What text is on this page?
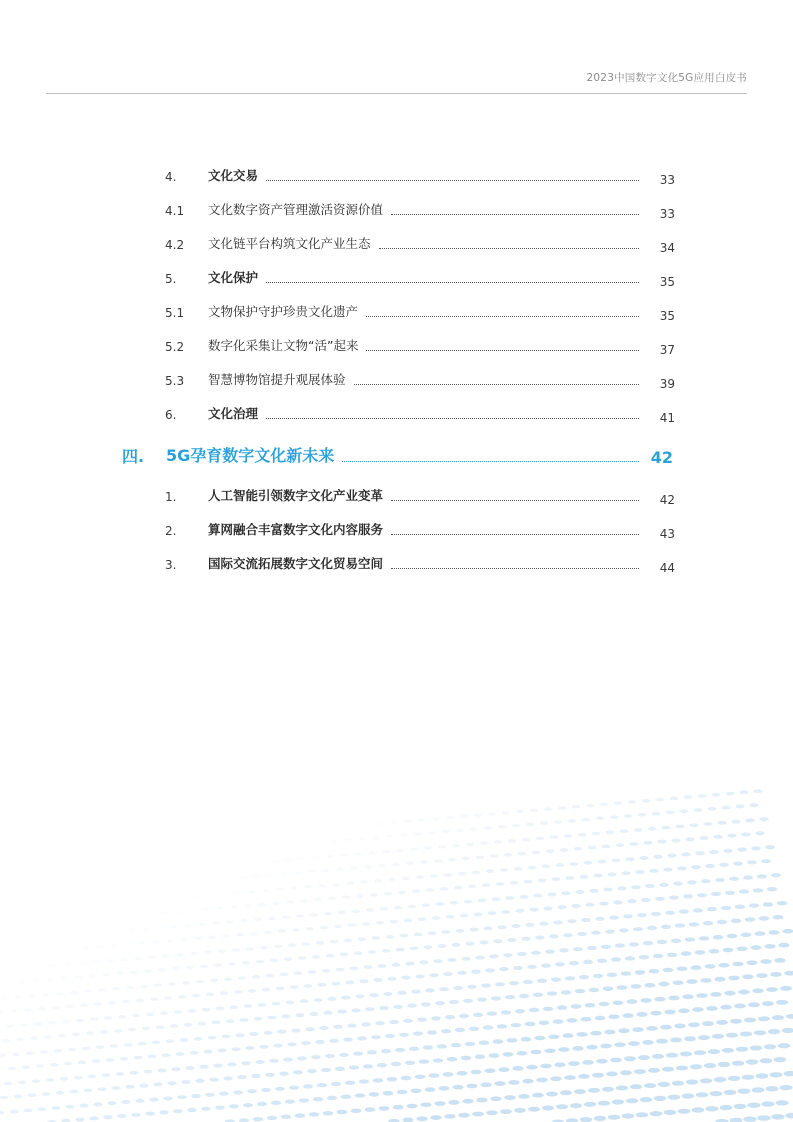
2023中国数字文化5G应用白皮书
4.	文化交易	33
4.1 文化数字资产管理激活资源价值	33
4.2 文化链平台构筑文化产业生态	34
5.	文化保护	35
5.1 文物保护守护珍贵文化遗产	35
5.2 数字化采集让文物“活”起来	37
5.3 智慧博物馆提升观展体验	39
6.	文化治理	41
四. 5G孕育数字文化新未来	42
1.	人工智能引领数字文化产业变革	42
2.	算网融合丰富数字文化内容服务	43
3.	国际交流拓展数字文化贸易空间	44
